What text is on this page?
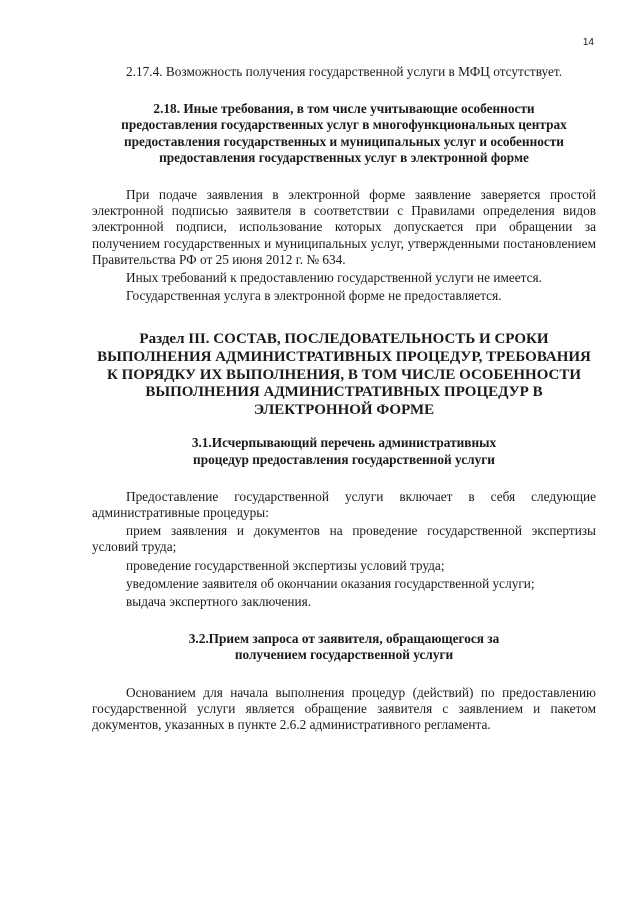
14

2.17.4. Возможность получения государственной услуги в МФЦ отсутствует.

2.18. Иные требования, в том числе учитывающие особенности предоставления государственных услуг в многофункциональных центрах предоставления государственных и муниципальных услуг и особенности предоставления государственных услуг в электронной форме

При подаче заявления в электронной форме заявление заверяется простой электронной подписью заявителя в соответствии с Правилами определения видов электронной подписи, использование которых допускается при обращении за получением государственных и муниципальных услуг, утвержденными постановлением Правительства РФ от 25 июня 2012 г. № 634.

Иных требований к предоставлению государственной услуги не имеется.

Государственная услуга в электронной форме не предоставляется.

Раздел III. СОСТАВ, ПОСЛЕДОВАТЕЛЬНОСТЬ И СРОКИ ВЫПОЛНЕНИЯ АДМИНИСТРАТИВНЫХ ПРОЦЕДУР, ТРЕБОВАНИЯ К ПОРЯДКУ ИХ ВЫПОЛНЕНИЯ, В ТОМ ЧИСЛЕ ОСОБЕННОСТИ ВЫПОЛНЕНИЯ АДМИНИСТРАТИВНЫХ ПРОЦЕДУР В ЭЛЕКТРОННОЙ ФОРМЕ
3.1.Исчерпывающий перечень административных процедур предоставления государственной услуги

Предоставление государственной услуги включает в себя следующие административные процедуры:

прием заявления и документов на проведение государственной экспертизы условий труда;

проведение государственной экспертизы условий труда;

уведомление заявителя об окончании оказания государственной услуги;

выдача экспертного заключения.

3.2.Прием запроса от заявителя, обращающегося за получением государственной услуги

Основанием для начала выполнения процедур (действий) по предоставлению государственной услуги является обращение заявителя с заявлением и пакетом документов, указанных в пункте 2.6.2 административного регламента.
